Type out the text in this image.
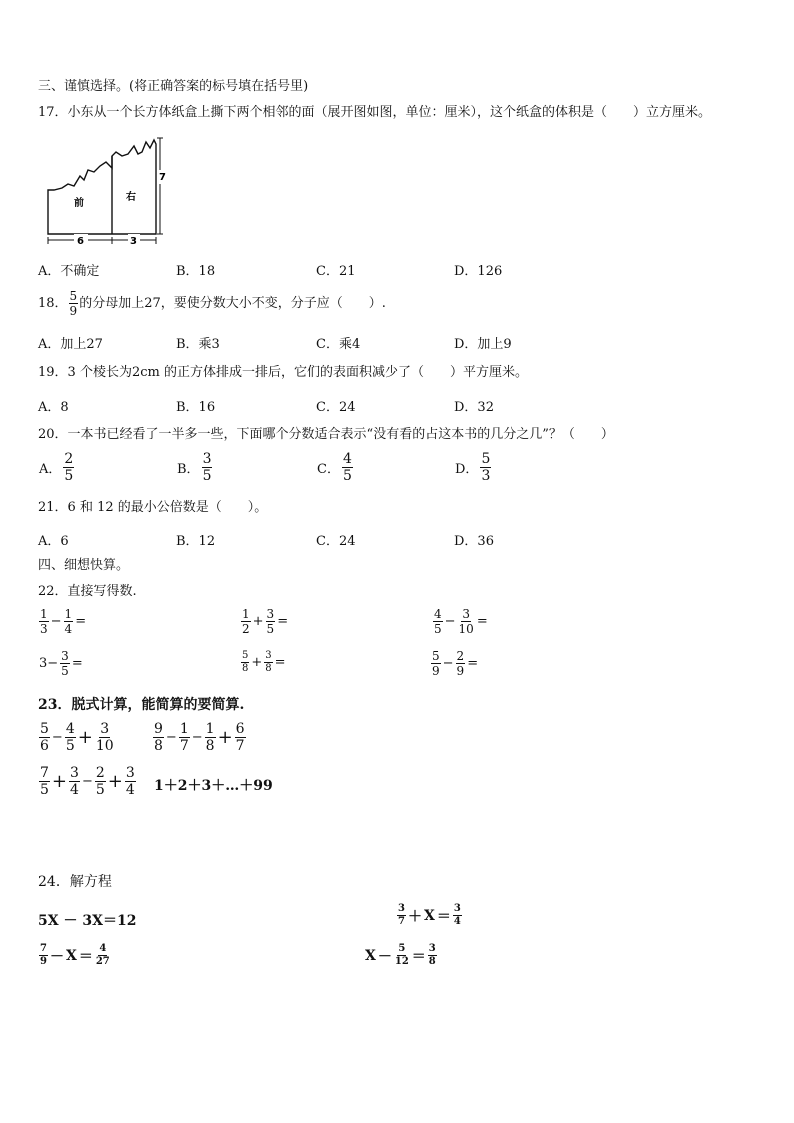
三、谨慎选择。(将正确答案的标号填在括号里)
17．小东从一个长方体纸盒上撕下两个相邻的面（展开图如图，单位：厘米），这个纸盒的体积是（　　）立方厘米。
前
右
6	3
7
A．不确定	B．18	C．21	D．126
18． $\frac{5}{9}$ 的分母加上27，要使分数大小不变，分子应（　　）.
A．加上27	B．乘3	C．乘4	D．加上9
19．3 个棱长为2cm 的正方体排成一排后，它们的表面积减少了（　　）平方厘米。
A．8	B．16	C．24	D．32
20．一本书已经看了一半多一些，下面哪个分数适合表示“没有看的占这本书的几分之几”？（　　）
A． $\frac{2}{5}$	B． $\frac{3}{5}$	C． $\frac{4}{5}$	D． $\frac{5}{3}$
21．6 和 12 的最小公倍数是（　　）。
A．6	B．12	C．24	D．36
四、细想快算。
22．直接写得数.
$\frac{1}{3} - \frac{1}{4}$ =	$\frac{1}{2} + \frac{3}{5}$ =	$\frac{4}{5} - \frac{3}{10}$ =
$3- \frac{3}{5}$ =	$\frac{5}{8} + \frac{3}{8}$ =	$\frac{5}{9} - \frac{2}{9}$ =
23．脱式计算，能简算的要简算.
$\frac{5}{6} - \frac{4}{5} + \frac{3}{10}$	$\frac{9}{8} - \frac{1}{7} - \frac{1}{8} + \frac{6}{7}$
$\frac{7}{5} + \frac{3}{4} - \frac{2}{5} + \frac{3}{4}$ 1＋2＋3＋…＋99
24．解方程
5X － 3X＝12	$\frac{3}{7} + X = \frac{3}{4}$
$\frac{7}{9} - X = \frac{4}{27}$	$X - \frac{5}{12} = \frac{3}{8}$
